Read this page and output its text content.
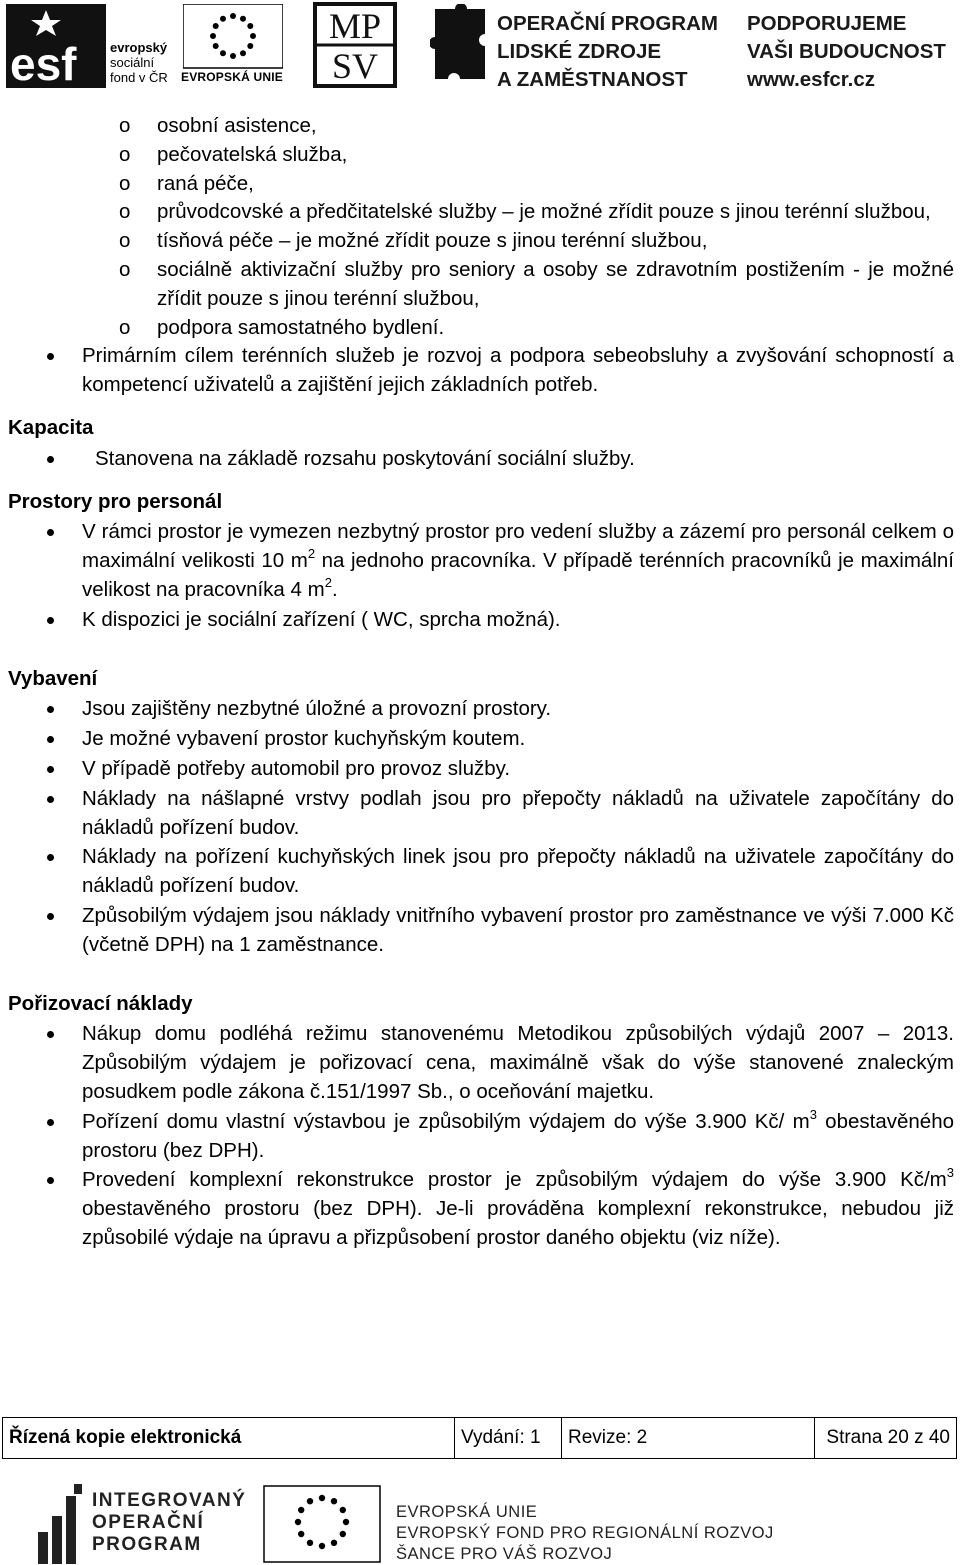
esf	evropský
sociální
fond v ČR EVROPSKÁ UNIE
MP
SV
OPERAČNÍ PROGRAM
LIDSKÉ ZDROJE
A ZAMĚSTNANOST
PODPORUJEME
VAŠI BUDOUCNOST
www.esfcr.cz
o osobní asistence,
o pečovatelská služba,
o raná péče,
o průvodcovské a předčitatelské služby – je možné zřídit pouze s jinou terénní službou,
o tísňová péče – je možné zřídit pouze s jinou terénní službou,
o sociálně aktivizační služby pro seniory a osoby se zdravotním postižením - je možné zřídit pouze s jinou terénní službou,
o podpora samostatného bydlení.
Primárním cílem terénních služeb je rozvoj a podpora sebeobsluhy a zvyšování schopností a kompetencí uživatelů a zajištění jejich základních potřeb.
Kapacita
Stanovena na základě rozsahu poskytování sociální služby.
Prostory pro personál
V rámci prostor je vymezen nezbytný prostor pro vedení služby a zázemí pro personál celkem o maximální velikosti 10 $m^2$ na jednoho pracovníka. V případě terénních pracovníků je maximální velikost na pracovníka 4 $m^2$.
K dispozici je sociální zařízení ( WC, sprcha možná).
Vybavení
Jsou zajištěny nezbytné úložné a provozní prostory.
Je možné vybavení prostor kuchyňským koutem.
V případě potřeby automobil pro provoz služby.
Náklady na nášlapné vrstvy podlah jsou pro přepočty nákladů na uživatele započítány do nákladů pořízení budov.
Náklady na pořízení kuchyňských linek jsou pro přepočty nákladů na uživatele započítány do nákladů pořízení budov.
Způsobilým výdajem jsou náklady vnitřního vybavení prostor pro zaměstnance ve výši 7.000 Kč (včetně DPH) na 1 zaměstnance.
Pořizovací náklady
Nákup domu podléhá režimu stanovenému Metodikou způsobilých výdajů 2007 – 2013. Způsobilým výdajem je pořizovací cena, maximálně však do výše stanovené znaleckým posudkem podle zákona č.151/1997 Sb., o oceňování majetku.
Pořízení domu vlastní výstavbou je způsobilým výdajem do výše 3.900 Kč/ $m^3$ obestavěného prostoru (bez DPH).
Provedení komplexní rekonstrukce prostor je způsobilým výdajem do výše 3.900 $Kč/m^3$ obestavěného prostoru (bez DPH). Je-li prováděna komplexní rekonstrukce, nebudou již způsobilé výdaje na úpravu a přizpůsobení prostor daného objektu (viz níže).
Řízená kopie elektronická	Vydání: 1	Revize: 2	Strana 20 z 40
INTEGROVANÝ
OPERAČNÍ
PROGRAM
EVROPSKÁ UNIE
EVROPSKÝ FOND PRO REGIONÁLNÍ ROZVOJ
ŠANCE PRO VÁŠ ROZVOJ
